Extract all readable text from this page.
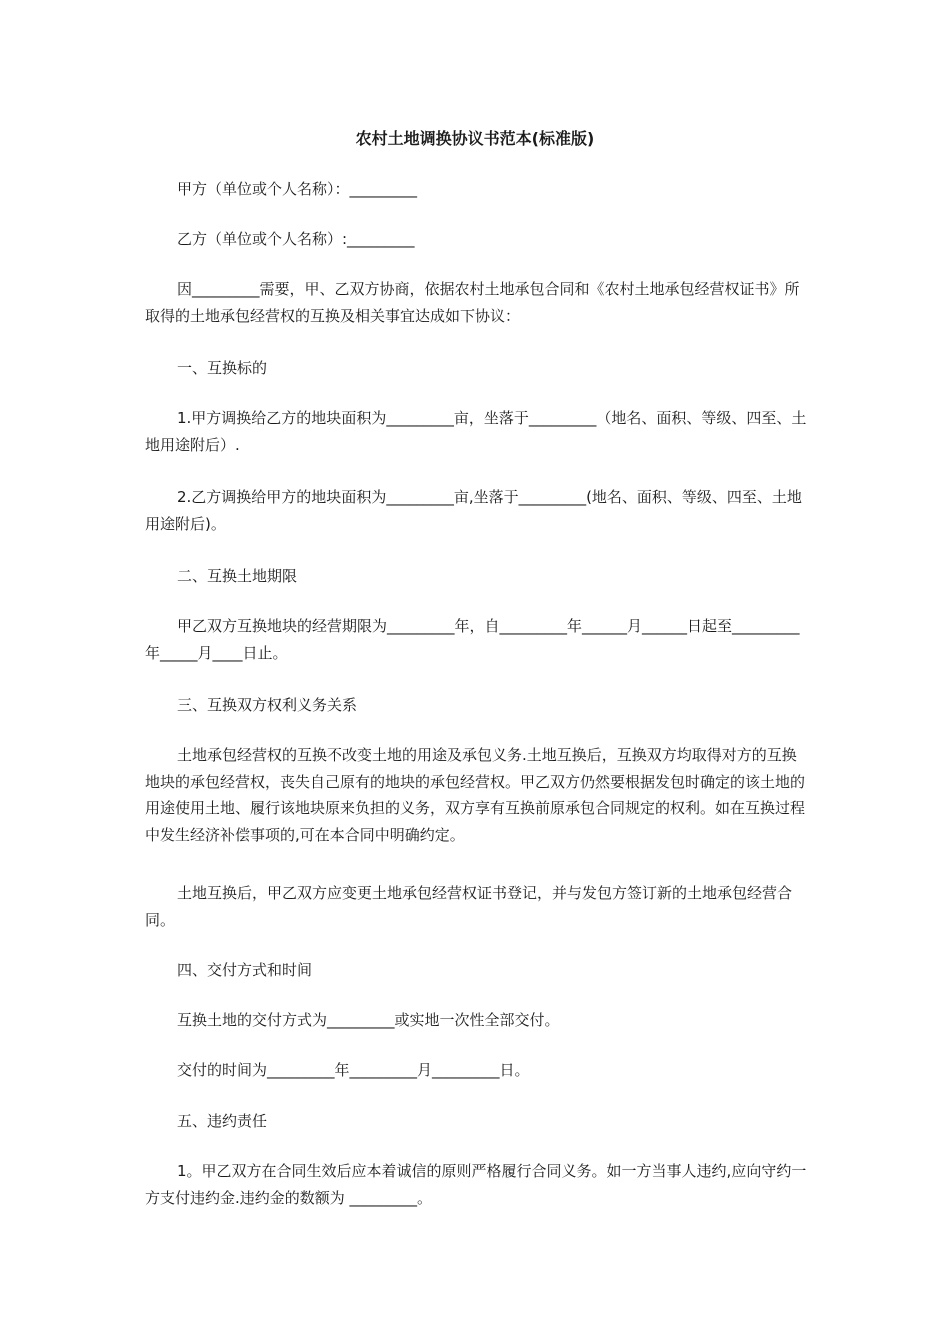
农村土地调换协议书范本(标准版)
甲方（单位或个人名称）：_________
乙方（单位或个人名称）:_________
因_________需要，甲、乙双方协商，依据农村土地承包合同和《农村土地承包经营权证书》所取得的土地承包经营权的互换及相关事宜达成如下协议：
一、互换标的
1.甲方调换给乙方的地块面积为_________亩，坐落于_________（地名、面积、等级、四至、土地用途附后）.
2.乙方调换给甲方的地块面积为_________亩,坐落于_________(地名、面积、等级、四至、土地用途附后)。
二、互换土地期限
甲乙双方互换地块的经营期限为_________年，自_________年______月______日起至_________年_____月____日止。
三、互换双方权利义务关系
土地承包经营权的互换不改变土地的用途及承包义务.土地互换后，互换双方均取得对方的互换地块的承包经营权，丧失自己原有的地块的承包经营权。甲乙双方仍然要根据发包时确定的该土地的用途使用土地、履行该地块原来负担的义务，双方享有互换前原承包合同规定的权利。如在互换过程中发生经济补偿事项的,可在本合同中明确约定。
土地互换后，甲乙双方应变更土地承包经营权证书登记，并与发包方签订新的土地承包经营合同。
四、交付方式和时间
互换土地的交付方式为_________或实地一次性全部交付。
交付的时间为_________年_________月_________日。
五、违约责任
1。甲乙双方在合同生效后应本着诚信的原则严格履行合同义务。如一方当事人违约,应向守约一方支付违约金.违约金的数额为 _________。
